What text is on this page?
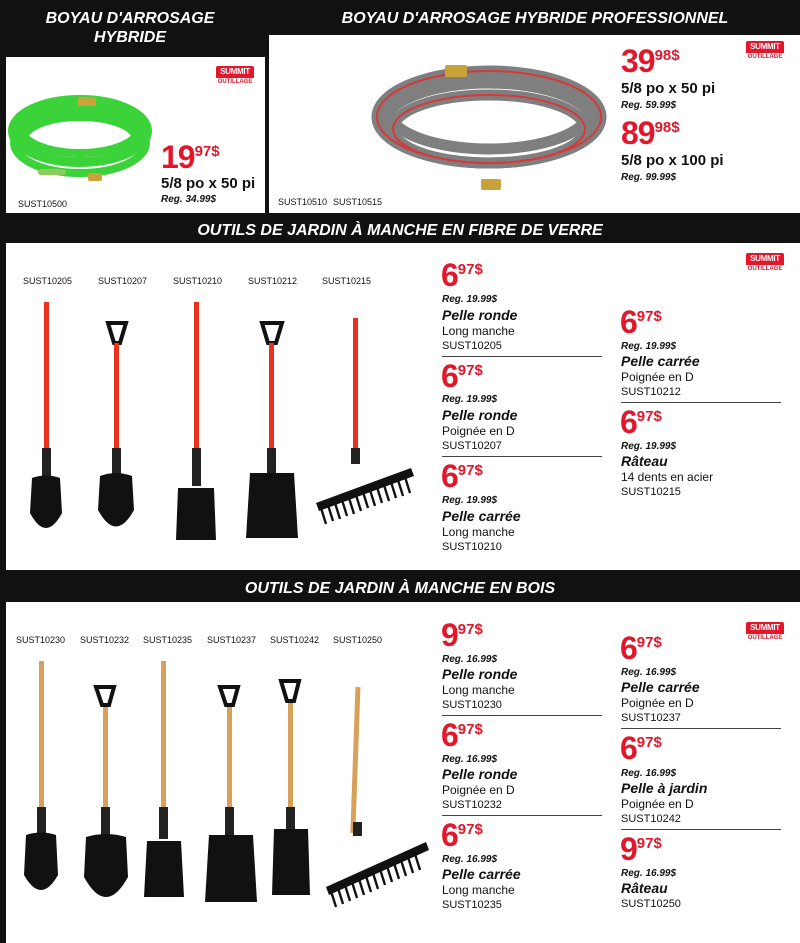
BOYAU D'ARROSAGE HYBRIDE
BOYAU D'ARROSAGE HYBRIDE PROFESSIONNEL
SUST10500
SUMMIT
OUTILLAGE
1997$
5/8 po x 50 pi
Reg. 34.99$	SUST10510 SUST10515
SUMMIT
OUTILLAGE
3998$
5/8 po x 50 pi
Reg. 59.99$
8998$
5/8 po x 100 pi
Reg. 99.99$
OUTILS DE JARDIN À MANCHE EN FIBRE DE VERRE
SUST10205	SUST10207	SUST10210	SUST10212	SUST10215
SUMMIT
OUTILLAGE
697$
Reg. 19.99$
Pelle ronde
Long manche
SUST10205
697$
Reg. 19.99$
Pelle ronde
Poignée en D
SUST10207
697$
Reg. 19.99$
Pelle carrée
Long manche
SUST10210
697$
Reg. 19.99$
Pelle carrée
Poignée en D
SUST10212
697$
Reg. 19.99$
Râteau
14 dents en acier
SUST10215
OUTILS DE JARDIN À MANCHE EN BOIS
SUST10230 SUST10232 SUST10235 SUST10237 SUST10242 SUST10250
SUMMIT
OUTILLAGE
997$
Reg. 16.99$
Pelle ronde
Long manche
SUST10230
697$
Reg. 16.99$
Pelle ronde
Poignée en D
SUST10232
697$
Reg. 16.99$
Pelle carrée
Long manche
SUST10235
697$
Reg. 16.99$
Pelle carrée
Poignée en D
SUST10237
697$
Reg. 16.99$
Pelle à jardin
Poignée en D
SUST10242
997$
Reg. 16.99$
Râteau
SUST10250
